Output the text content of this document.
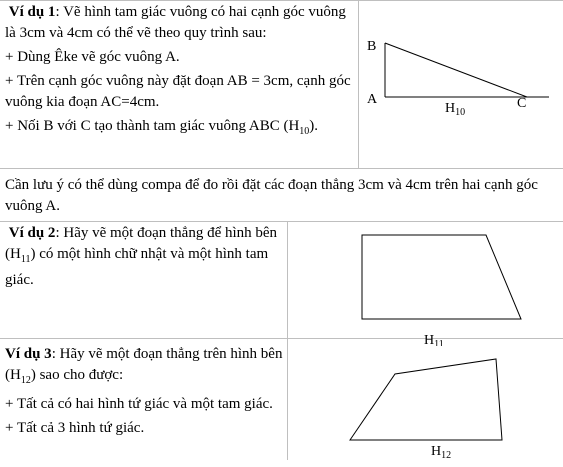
Ví dụ 1: Vẽ hình tam giác vuông có hai cạnh góc vuông là 3cm và 4cm có thể vẽ theo quy trình sau:

+ Dùng Êke vẽ góc vuông A.

+ Trên cạnh góc vuông này đặt đoạn AB = 3cm, cạnh góc vuông kia đoạn AC=4cm.

+ Nối B với C tạo thành tam giác vuông ABC $(H_{10})$.

B
A	C
$H_{10}$

Cần lưu ý có thể dùng compa để đo rồi đặt các đoạn thẳng 3cm và 4cm trên hai cạnh góc vuông A.

Ví dụ 2: Hãy vẽ một đoạn thẳng để hình bên $(H_{11})$ có một hình chữ nhật và một hình tam giác.

$H_{11}$

Ví dụ 3: Hãy vẽ một đoạn thẳng trên hình bên $(H_{12})$ sao cho được:

+ Tất cả có hai hình tứ giác và một tam giác.

+ Tất cả 3 hình tứ giác.

$H_{12}$
